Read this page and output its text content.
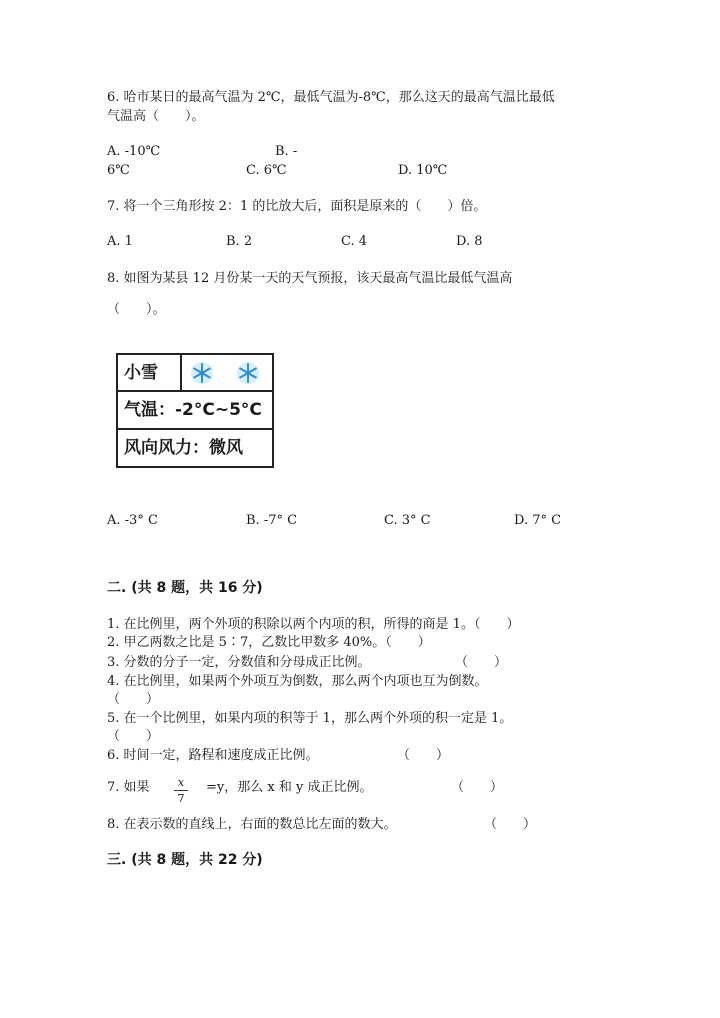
6. 哈市某日的最高气温为 2℃，最低气温为-8℃，那么这天的最高气温比最低
气温高（　　）。
A. -10℃	B. -
6℃	C. 6℃	D. 10℃
7. 将一个三角形按 2：1 的比放大后，面积是原来的（　　）倍。
A. 1	B. 2	C. 4	D. 8
8. 如图为某县 12 月份某一天的天气预报，该天最高气温比最低气温高
（　　）。
小雪
气温：-2°C~5°C
风向风力：微风
A. -3° C	B. -7° C	C. 3° C	D. 7° C
二. (共 8 题，共 16 分)
1. 在比例里，两个外项的积除以两个内项的积，所得的商是 1。（　　）
2. 甲乙两数之比是 5∶7，乙数比甲数多 40%。（　　）
3. 分数的分子一定，分数值和分母成正比例。	（　　）
4. 在比例里，如果两个外项互为倒数，那么两个内项也互为倒数。
（　　）
5. 在一个比例里，如果内项的积等于 1，那么两个外项的积一定是 1。
（　　）
6. 时间一定，路程和速度成正比例。	（　　）
7. 如果	x
7
=y，那么 x 和 y 成正比例。	（　　）
8. 在表示数的直线上，右面的数总比左面的数大。	（　　）
三. (共 8 题，共 22 分)
